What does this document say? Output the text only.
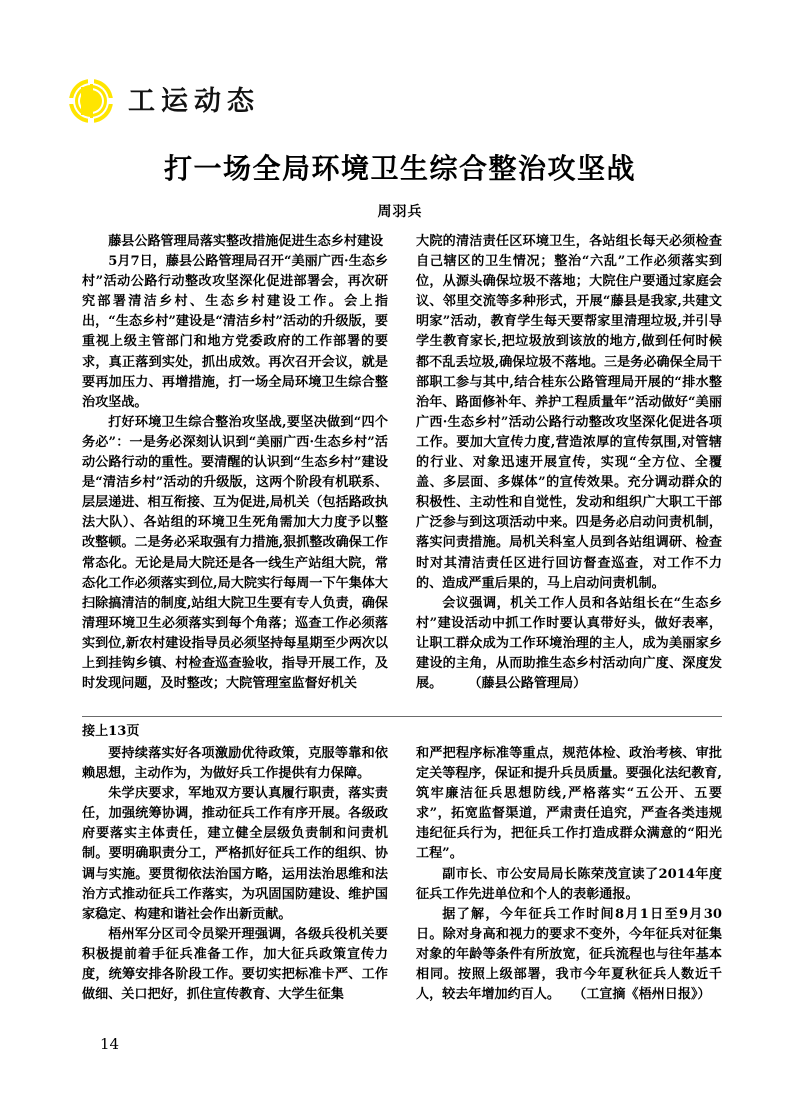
工运动态
打一场全局环境卫生综合整治攻坚战
周羽兵

藤县公路管理局落实整改措施促进生态乡村建设

5月7日，藤县公路管理局召开“美丽广西·生态乡村”活动公路行动整改攻坚深化促进部署会，再次研究部署清洁乡村、生态乡村建设工作。会上指出，“生态乡村”建设是“清洁乡村”活动的升级版，要重视上级主管部门和地方党委政府的工作部署的要求，真正落到实处，抓出成效。再次召开会议，就是要再加压力、再增措施，打一场全局环境卫生综合整治攻坚战。

打好环境卫生综合整治攻坚战,要坚决做到“四个务必”：一是务必深刻认识到“美丽广西·生态乡村”活动公路行动的重性。要清醒的认识到“生态乡村”建设是“清洁乡村”活动的升级版，这两个阶段有机联系、层层递进、相互衔接、互为促进,局机关（包括路政执法大队）、各站组的环境卫生死角需加大力度予以整改整顿。二是务必采取强有力措施,狠抓整改确保工作常态化。无论是局大院还是各一线生产站组大院，常态化工作必须落实到位,局大院实行每周一下午集体大扫除搞清洁的制度,站组大院卫生要有专人负责，确保清理环境卫生必须落实到每个角落；巡查工作必须落实到位,新农村建设指导员必须坚持每星期至少两次以上到挂钩乡镇、村检查巡查验收，指导开展工作，及时发现问题，及时整改；大院管理室监督好机关

大院的清洁责任区环境卫生，各站组长每天必须检查自己辖区的卫生情况；整治“六乱”工作必须落实到位，从源头确保垃圾不落地；大院住户要通过家庭会议、邻里交流等多种形式，开展“藤县是我家,共建文明家”活动，教育学生每天要帮家里清理垃圾,并引导学生教育家长,把垃圾放到该放的地方,做到任何时候都不乱丢垃圾,确保垃圾不落地。三是务必确保全局干部职工参与其中,结合桂东公路管理局开展的“排水整治年、路面修补年、养护工程质量年”活动做好“美丽广西·生态乡村”活动公路行动整改攻坚深化促进各项工作。要加大宣传力度,营造浓厚的宣传氛围,对管辖的行业、对象迅速开展宣传，实现“全方位、全覆盖、多层面、多媒体”的宣传效果。充分调动群众的积极性、主动性和自觉性，发动和组织广大职工干部广泛参与到这项活动中来。四是务必启动问责机制，落实问责措施。局机关科室人员到各站组调研、检查时对其清洁责任区进行回访督查巡查，对工作不力的、造成严重后果的，马上启动问责机制。

会议强调，机关工作人员和各站组长在“生态乡村”建设活动中抓工作时要认真带好头，做好表率，让职工群众成为工作环境治理的主人，成为美丽家乡建设的主角，从而助推生态乡村活动向广度、深度发展。　　　（藤县公路管理局）

接上13页

要持续落实好各项激励优待政策，克服等靠和依赖思想，主动作为，为做好兵工作提供有力保障。

朱学庆要求，军地双方要认真履行职责，落实责任，加强统筹协调，推动征兵工作有序开展。各级政府要落实主体责任，建立健全层级负责制和问责机制。要明确职责分工，严格抓好征兵工作的组织、协调与实施。要贯彻依法治国方略，运用法治思维和法治方式推动征兵工作落实，为巩固国防建设、维护国家稳定、构建和谐社会作出新贡献。

梧州军分区司令员梁开理强调，各级兵役机关要积极提前着手征兵准备工作，加大征兵政策宣传力度，统筹安排各阶段工作。要切实把标准卡严、工作做细、关口把好，抓住宣传教育、大学生征集

和严把程序标准等重点，规范体检、政治考核、审批定关等程序，保证和提升兵员质量。要强化法纪教育,筑牢廉洁征兵思想防线,严格落实“五公开、五要求”，拓宽监督渠道，严肃责任追究，严查各类违规违纪征兵行为，把征兵工作打造成群众满意的“阳光工程”。

副市长、市公安局局长陈荣茂宣读了2014年度征兵工作先进单位和个人的表彰通报。

据了解，今年征兵工作时间8月1日至9月30日。除对身高和视力的要求不变外，今年征兵对征集对象的年龄等条件有所放宽，征兵流程也与往年基本相同。按照上级部署，我市今年夏秋征兵人数近千人，较去年增加约百人。　　（工宣摘《梧州日报》）

14
